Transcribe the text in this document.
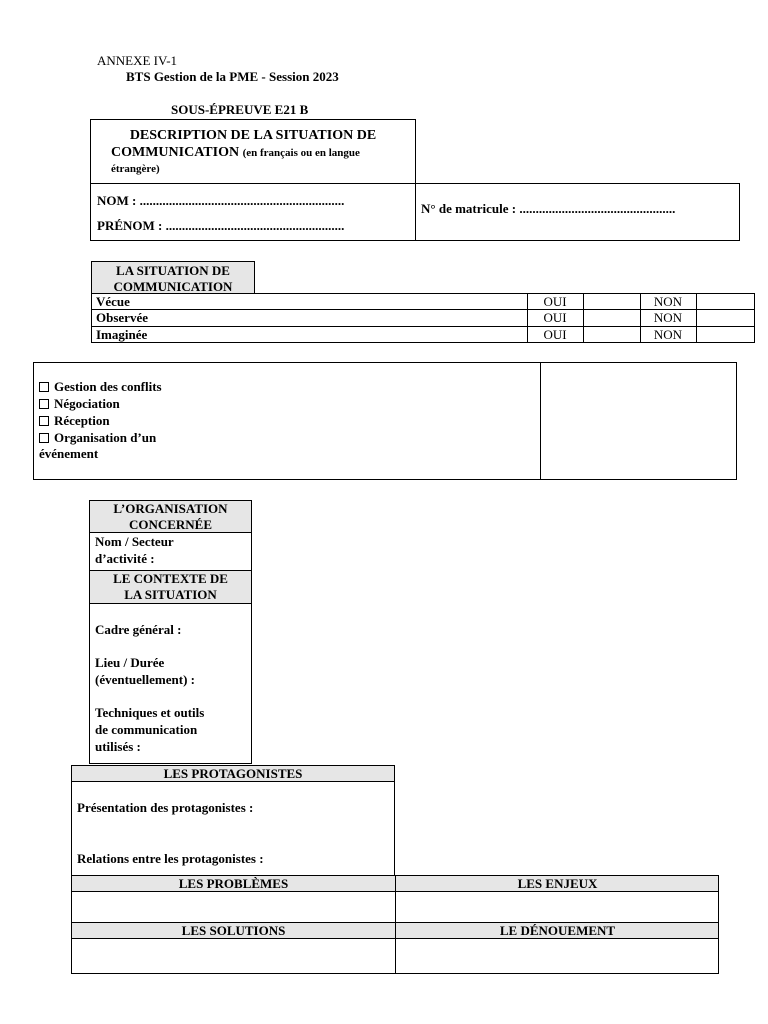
ANNEXE IV-1
BTS Gestion de la PME - Session 2023
SOUS-ÉPREUVE E21 B
DESCRIPTION DE LA SITUATION DE
COMMUNICATION (en français ou en langue
étrangère)
NOM : ...............................................................
PRÉNOM : .......................................................
N° de matricule : ................................................
LA SITUATION DE
COMMUNICATION
Vécue	OUI	NON
Observée	OUI	NON
Imaginée	OUI	NON
Gestion des conflits
Négociation
Réception
Organisation d’un
événement
L’ORGANISATION
CONCERNÉE
Nom / Secteur
d’activité :
LE CONTEXTE DE
LA SITUATION
Cadre général :
Lieu / Durée
(éventuellement) :
Techniques et outils
de communication
utilisés :
LES PROTAGONISTES
Présentation des protagonistes :
Relations entre les protagonistes :
LES PROBLÈMES	LES ENJEUX
LES SOLUTIONS	LE DÉNOUEMENT
